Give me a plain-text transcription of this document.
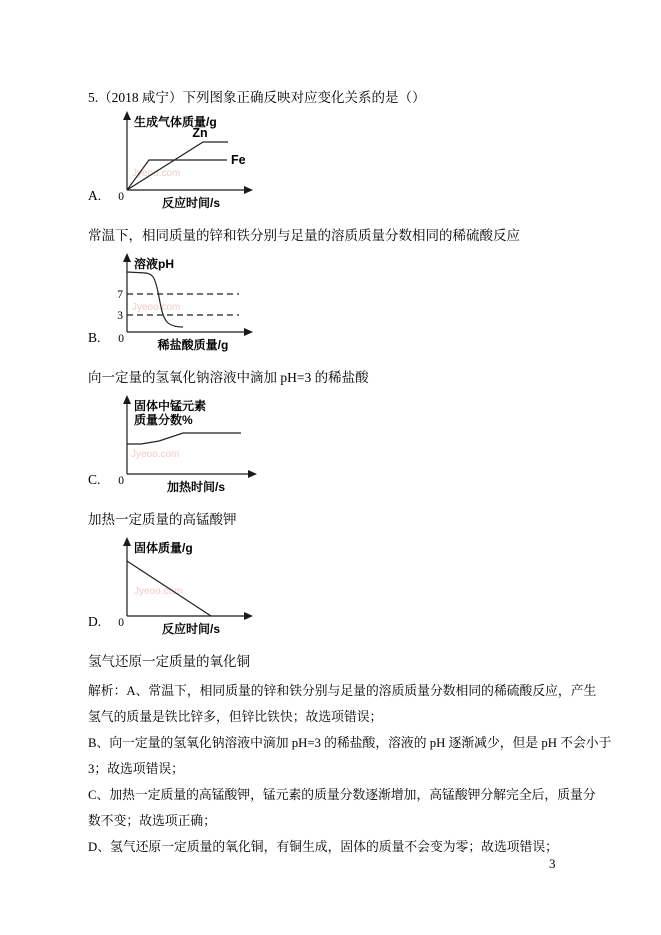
5.（2018 咸宁）下列图象正确反映对应变化关系的是（）
Jyeoo.com
生成气体质量/g
Zn
Fe
0	反应时间/s
A.
常温下，相同质量的锌和铁分别与足量的溶质质量分数相同的稀硫酸反应
Jyeoo.com
溶液pH
7
3
0	稀盐酸质量/g
B.
向一定量的氢氧化钠溶液中滴加 pH=3 的稀盐酸
Jyeoo.com
固体中锰元素
质量分数%
0	加热时间/s
C.
加热一定质量的高锰酸钾
Jyeoo.com
固体质量/g
0	反应时间/s
D.
氢气还原一定质量的氧化铜
解析：A、常温下，相同质量的锌和铁分别与足量的溶质质量分数相同的稀硫酸反应，产生
氢气的质量是铁比锌多，但锌比铁快；故选项错误；
B、向一定量的氢氧化钠溶液中滴加 pH=3 的稀盐酸，溶液的 pH 逐渐减少，但是 pH 不会小于
3；故选项错误；
C、加热一定质量的高锰酸钾，锰元素的质量分数逐渐增加，高锰酸钾分解完全后，质量分
数不变；故选项正确；
D、氢气还原一定质量的氧化铜，有铜生成，固体的质量不会变为零；故选项错误；
3
